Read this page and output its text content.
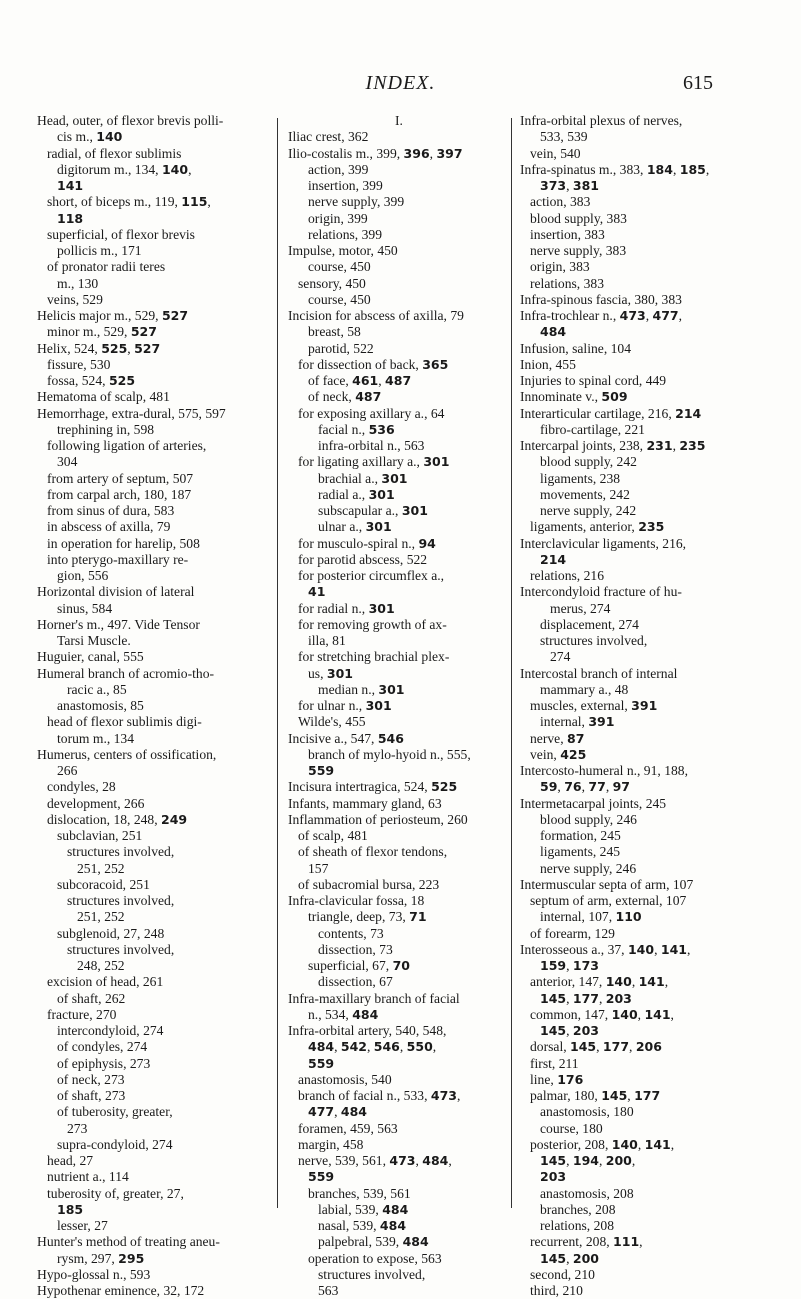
INDEX.	615
Head, outer, of flexor brevis polli-
cis m., 140
radial, of flexor sublimis
digitorum m., 134, 140,
141
short, of biceps m., 119, 115,
118
superficial, of flexor brevis
pollicis m., 171
of pronator radii teres
m., 130
veins, 529
Helicis major m., 529, 527
minor m., 529, 527
Helix, 524, 525, 527
fissure, 530
fossa, 524, 525
Hematoma of scalp, 481
Hemorrhage, extra-dural, 575, 597
trephining in, 598
following ligation of arteries,
304
from artery of septum, 507
from carpal arch, 180, 187
from sinus of dura, 583
in abscess of axilla, 79
in operation for harelip, 508
into pterygo-maxillary re-
gion, 556
Horizontal division of lateral
sinus, 584
Horner's m., 497. Vide Tensor
Tarsi Muscle.
Huguier, canal, 555
Humeral branch of acromio-tho-
racic a., 85
anastomosis, 85
head of flexor sublimis digi-
torum m., 134
Humerus, centers of ossification,
266
condyles, 28
development, 266
dislocation, 18, 248, 249
subclavian, 251
structures involved,
251, 252
subcoracoid, 251
structures involved,
251, 252
subglenoid, 27, 248
structures involved,
248, 252
excision of head, 261
of shaft, 262
fracture, 270
intercondyloid, 274
of condyles, 274
of epiphysis, 273
of neck, 273
of shaft, 273
of tuberosity, greater,
273
supra-condyloid, 274
head, 27
nutrient a., 114
tuberosity of, greater, 27,
185
lesser, 27
Hunter's method of treating aneu-
rysm, 297, 295
Hypo-glossal n., 593
Hypothenar eminence, 32, 172
I.
Iliac crest, 362
Ilio-costalis m., 399, 396, 397
action, 399
insertion, 399
nerve supply, 399
origin, 399
relations, 399
Impulse, motor, 450
course, 450
sensory, 450
course, 450
Incision for abscess of axilla, 79
breast, 58
parotid, 522
for dissection of back, 365
of face, 461, 487
of neck, 487
for exposing axillary a., 64
facial n., 536
infra-orbital n., 563
for ligating axillary a., 301
brachial a., 301
radial a., 301
subscapular a., 301
ulnar a., 301
for musculo-spiral n., 94
for parotid abscess, 522
for posterior circumflex a.,
41
for radial n., 301
for removing growth of ax-
illa, 81
for stretching brachial plex-
us, 301
median n., 301
for ulnar n., 301
Wilde's, 455
Incisive a., 547, 546
branch of mylo-hyoid n., 555,
559
Incisura intertragica, 524, 525
Infants, mammary gland, 63
Inflammation of periosteum, 260
of scalp, 481
of sheath of flexor tendons,
157
of subacromial bursa, 223
Infra-clavicular fossa, 18
triangle, deep, 73, 71
contents, 73
dissection, 73
superficial, 67, 70
dissection, 67
Infra-maxillary branch of facial
n., 534, 484
Infra-orbital artery, 540, 548,
484, 542, 546, 550,
559
anastomosis, 540
branch of facial n., 533, 473,
477, 484
foramen, 459, 563
margin, 458
nerve, 539, 561, 473, 484,
559
branches, 539, 561
labial, 539, 484
nasal, 539, 484
palpebral, 539, 484
operation to expose, 563
structures involved,
563
Infra-orbital plexus of nerves,
533, 539
vein, 540
Infra-spinatus m., 383, 184, 185,
373, 381
action, 383
blood supply, 383
insertion, 383
nerve supply, 383
origin, 383
relations, 383
Infra-spinous fascia, 380, 383
Infra-trochlear n., 473, 477,
484
Infusion, saline, 104
Inion, 455
Injuries to spinal cord, 449
Innominate v., 509
Interarticular cartilage, 216, 214
fibro-cartilage, 221
Intercarpal joints, 238, 231, 235
blood supply, 242
ligaments, 238
movements, 242
nerve supply, 242
ligaments, anterior, 235
Interclavicular ligaments, 216,
214
relations, 216
Intercondyloid fracture of hu-
merus, 274
displacement, 274
structures involved,
274
Intercostal branch of internal
mammary a., 48
muscles, external, 391
internal, 391
nerve, 87
vein, 425
Intercosto-humeral n., 91, 188,
59, 76, 77, 97
Intermetacarpal joints, 245
blood supply, 246
formation, 245
ligaments, 245
nerve supply, 246
Intermuscular septa of arm, 107
septum of arm, external, 107
internal, 107, 110
of forearm, 129
Interosseous a., 37, 140, 141,
159, 173
anterior, 147, 140, 141,
145, 177, 203
common, 147, 140, 141,
145, 203
dorsal, 145, 177, 206
first, 211
line, 176
palmar, 180, 145, 177
anastomosis, 180
course, 180
posterior, 208, 140, 141,
145, 194, 200,
203
anastomosis, 208
branches, 208
relations, 208
recurrent, 208, 111,
145, 200
second, 210
third, 210
